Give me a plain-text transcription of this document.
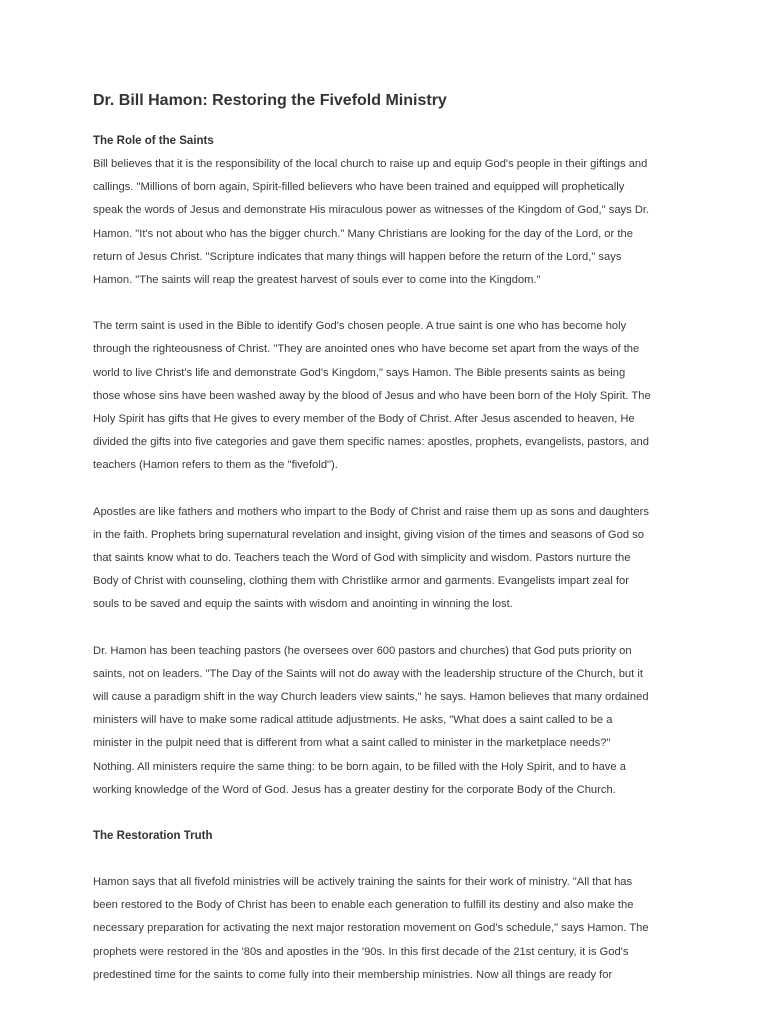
Dr. Bill Hamon: Restoring the Fivefold Ministry
The Role of the Saints

Bill believes that it is the responsibility of the local church to raise up and equip God's people in their giftings and
callings. "Millions of born again, Spirit-filled believers who have been trained and equipped will prophetically
speak the words of Jesus and demonstrate His miraculous power as witnesses of the Kingdom of God," says Dr.
Hamon. "It's not about who has the bigger church." Many Christians are looking for the day of the Lord, or the
return of Jesus Christ. "Scripture indicates that many things will happen before the return of the Lord," says
Hamon. "The saints will reap the greatest harvest of souls ever to come into the Kingdom."

The term saint is used in the Bible to identify God's chosen people. A true saint is one who has become holy
through the righteousness of Christ. "They are anointed ones who have become set apart from the ways of the
world to live Christ's life and demonstrate God's Kingdom," says Hamon. The Bible presents saints as being
those whose sins have been washed away by the blood of Jesus and who have been born of the Holy Spirit. The
Holy Spirit has gifts that He gives to every member of the Body of Christ. After Jesus ascended to heaven, He
divided the gifts into five categories and gave them specific names: apostles, prophets, evangelists, pastors, and
teachers (Hamon refers to them as the "fivefold").

Apostles are like fathers and mothers who impart to the Body of Christ and raise them up as sons and daughters
in the faith. Prophets bring supernatural revelation and insight, giving vision of the times and seasons of God so
that saints know what to do. Teachers teach the Word of God with simplicity and wisdom. Pastors nurture the
Body of Christ with counseling, clothing them with Christlike armor and garments. Evangelists impart zeal for
souls to be saved and equip the saints with wisdom and anointing in winning the lost.

Dr. Hamon has been teaching pastors (he oversees over 600 pastors and churches) that God puts priority on
saints, not on leaders. "The Day of the Saints will not do away with the leadership structure of the Church, but it
will cause a paradigm shift in the way Church leaders view saints," he says. Hamon believes that many ordained
ministers will have to make some radical attitude adjustments. He asks, "What does a saint called to be a
minister in the pulpit need that is different from what a saint called to minister in the marketplace needs?"
Nothing. All ministers require the same thing: to be born again, to be filled with the Holy Spirit, and to have a
working knowledge of the Word of God. Jesus has a greater destiny for the corporate Body of the Church.

The Restoration Truth

Hamon says that all fivefold ministries will be actively training the saints for their work of ministry. "All that has
been restored to the Body of Christ has been to enable each generation to fulfill its destiny and also make the
necessary preparation for activating the next major restoration movement on God's schedule," says Hamon. The
prophets were restored in the '80s and apostles in the '90s. In this first decade of the 21st century, it is God's
predestined time for the saints to come fully into their membership ministries. Now all things are ready for
